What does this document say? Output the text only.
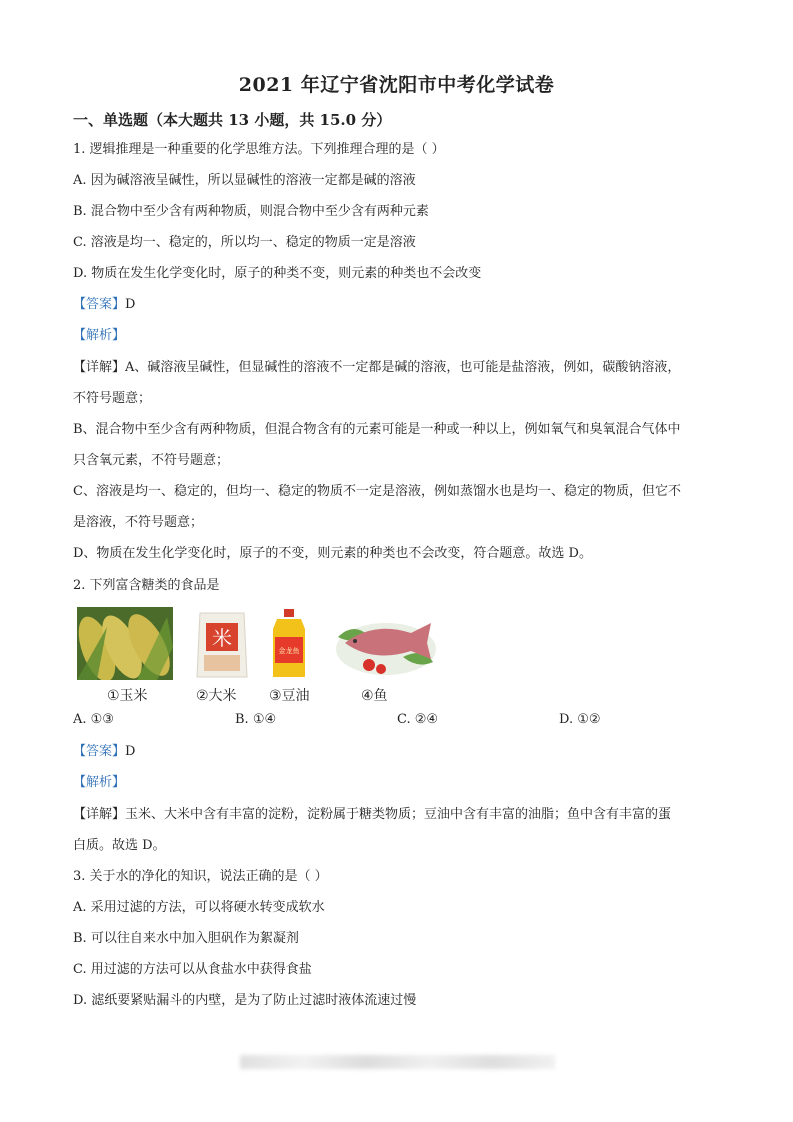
2021 年辽宁省沈阳市中考化学试卷
一、单选题（本大题共 13 小题，共 15.0 分）
1. 逻辑推理是一种重要的化学思维方法。下列推理合理的是（ ）
A. 因为碱溶液呈碱性，所以显碱性的溶液一定都是碱的溶液
B. 混合物中至少含有两种物质，则混合物中至少含有两种元素
C. 溶液是均一、稳定的，所以均一、稳定的物质一定是溶液
D. 物质在发生化学变化时，原子的种类不变，则元素的种类也不会改变
【答案】D
【解析】
【详解】A、碱溶液呈碱性，但显碱性的溶液不一定都是碱的溶液，也可能是盐溶液，例如，碳酸钠溶液，
不符号题意；
B、混合物中至少含有两种物质，但混合物含有的元素可能是一种或一种以上，例如氧气和臭氧混合气体中
只含氧元素，不符号题意；
C、溶液是均一、稳定的，但均一、稳定的物质不一定是溶液，例如蒸馏水也是均一、稳定的物质，但它不
是溶液，不符号题意；
D、物质在发生化学变化时，原子的不变，则元素的种类也不会改变，符合题意。故选 D。
2. 下列富含糖类的食品是
米
金龙鱼
①玉米	②大米 ③豆油	④鱼
A. ①③	B. ①④	C. ②④	D. ①②
【答案】D
【解析】
【详解】玉米、大米中含有丰富的淀粉，淀粉属于糖类物质；豆油中含有丰富的油脂；鱼中含有丰富的蛋
白质。故选 D。
3. 关于水的净化的知识，说法正确的是（ ）
A. 采用过滤的方法，可以将硬水转变成软水
B. 可以往自来水中加入胆矾作为絮凝剂
C. 用过滤的方法可以从食盐水中获得食盐
D. 滤纸要紧贴漏斗的内壁，是为了防止过滤时液体流速过慢
